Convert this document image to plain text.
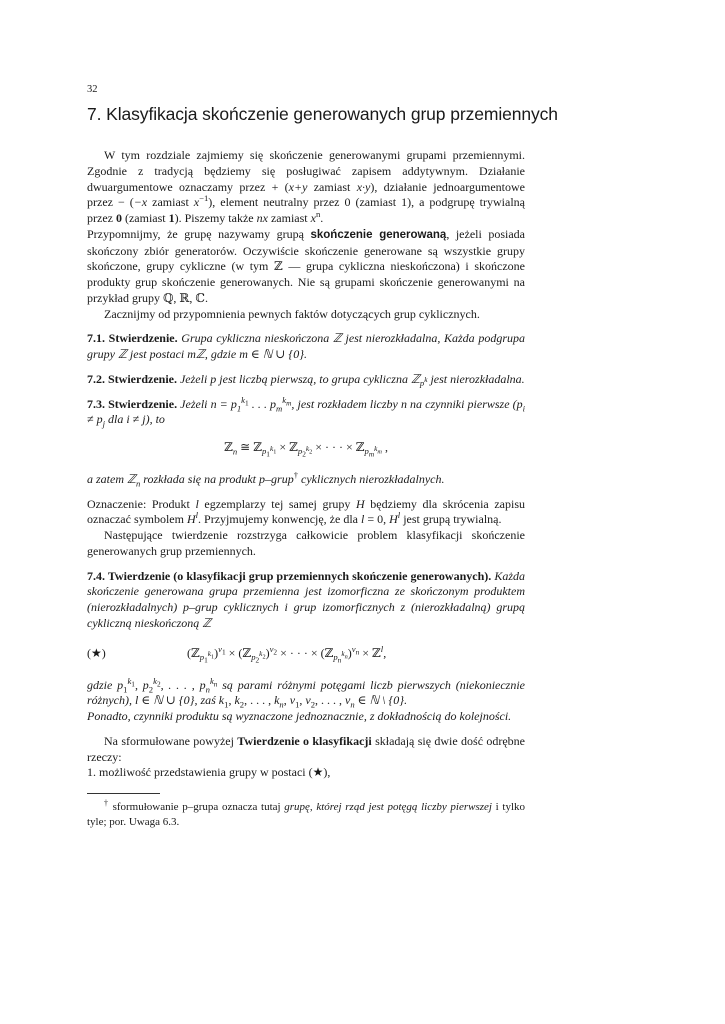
32
7. Klasyfikacja skończenie generowanych grup przemiennych

W tym rozdziale zajmiemy się skończenie generowanymi grupami przemiennymi. Zgodnie z tradycją będziemy się posługiwać zapisem addytywnym. Działanie dwuargumentowe oznaczamy przez + (x+y zamiast x·y), działanie jednoargumentowe przez − (−x zamiast $x^{-1}$), element neutralny przez 0 (zamiast 1), a podgrupę trywialną przez 0 (zamiast 1). Piszemy także nx zamiast $x^n$.

Przypomnijmy, że grupę nazywamy grupą skończenie generowaną, jeżeli posiada skończony zbiór generatorów. Oczywiście skończenie generowane są wszystkie grupy skończone, grupy cykliczne (w tym ℤ — grupa cykliczna nieskończona) i skończone produkty grup skończenie generowanych. Nie są grupami skończenie generowanymi na przykład grupy ℚ, ℝ, ℂ.

Zacznijmy od przypomnienia pewnych faktów dotyczących grup cyklicznych.

7.1. Stwierdzenie. Grupa cykliczna nieskończona ℤ jest nierozkładalna, Każda podgrupa grupy ℤ jest postaci mℤ, gdzie m ∈ ℕ ∪ {0}.

7.2. Stwierdzenie. Jeżeli p jest liczbą pierwszą, to grupa cykliczna ℤ$_{p^k}$ jest nierozkładalna.

7.3. Stwierdzenie. Jeżeli $n = p_1^{k_1}$ . . . $p_m^{k_m}$, jest rozkładem liczby n na czynniki pierwsze ($p_i \ne p_j$ dla i ≠ j), to

ℤ$_n$ ≅ ℤ$_{p_1^{k_1}}$ × ℤ$_{p_2^{k_2}}$ × · · · × ℤ$_{p_m^{k_m}}$ ,

a zatem ℤ$_n$ rozkłada się na produkt p–grup† cyklicznych nierozkładalnych.

Oznaczenie: Produkt l egzemplarzy tej samej grupy H będziemy dla skrócenia zapisu oznaczać symbolem $H^l$. Przyjmujemy konwencję, że dla l = 0, $H^l$ jest grupą trywialną.

Następujące twierdzenie rozstrzyga całkowicie problem klasyfikacji skończenie generowanych grup przemiennych.

7.4. Twierdzenie (o klasyfikacji grup przemiennych skończenie generowanych). Każda skończenie generowana grupa przemienna jest izomorficzna ze skończonym produktem (nierozkładalnych) p–grup cyklicznych i grup izomorficznych z (nierozkładalną) grupą cykliczną nieskończoną ℤ

(★)	(ℤ$_{p_1^{k_1}}$)$^{v_1}$ × (ℤ$_{p_2^{k_2}}$)$^{v_2}$ × · · · × (ℤ$_{p_n^{k_n}}$)$^{v_n}$ × ℤ$^l$,

gdzie $p_1^{k_1}$, $p_2^{k_2}$, . . . , $p_n^{k_n}$ są parami różnymi potęgami liczb pierwszych (niekoniecznie różnych), l ∈ ℕ ∪ {0}, zaś $k_1$, $k_2$, . . . , $k_n$, $v_1$, $v_2$, . . . , $v_n$ ∈ ℕ \ {0}.

Ponadto, czynniki produktu są wyznaczone jednoznacznie, z dokładnością do kolejności.

Na sformułowane powyżej Twierdzenie o klasyfikacji składają się dwie dość odrębne rzeczy:

1. możliwość przedstawienia grupy w postaci (★),

† sformułowanie p–grupa oznacza tutaj grupę, której rząd jest potęgą liczby pierwszej i tylko tyle; por. Uwaga 6.3.
